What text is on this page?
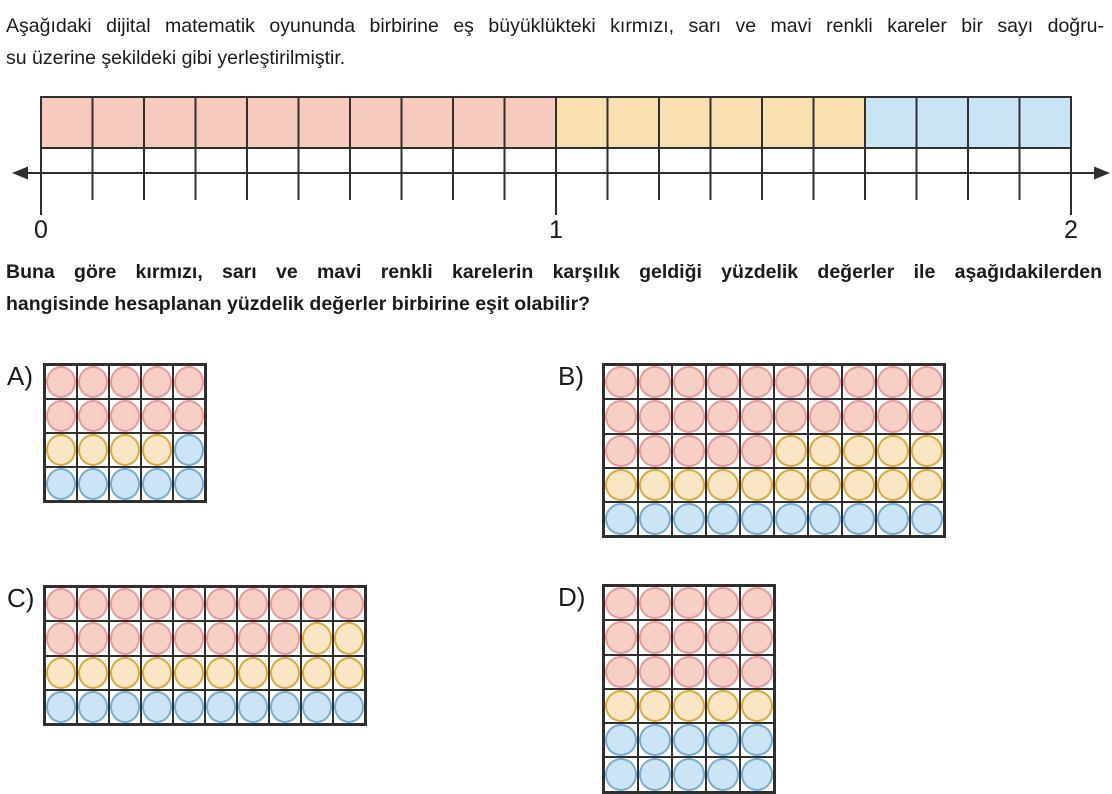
Aşağıdaki dijital matematik oyununda birbirine eş büyüklükteki kırmızı, sarı ve mavi renkli kareler bir sayı doğru-
su üzerine şekildeki gibi yerleştirilmiştir.
0	1	2
Buna göre kırmızı, sarı ve mavi renkli karelerin karşılık geldiği yüzdelik değerler ile aşağıdakilerden
hangisinde hesaplanan yüzdelik değerler birbirine eşit olabilir?
A)	B)
C)	D)
